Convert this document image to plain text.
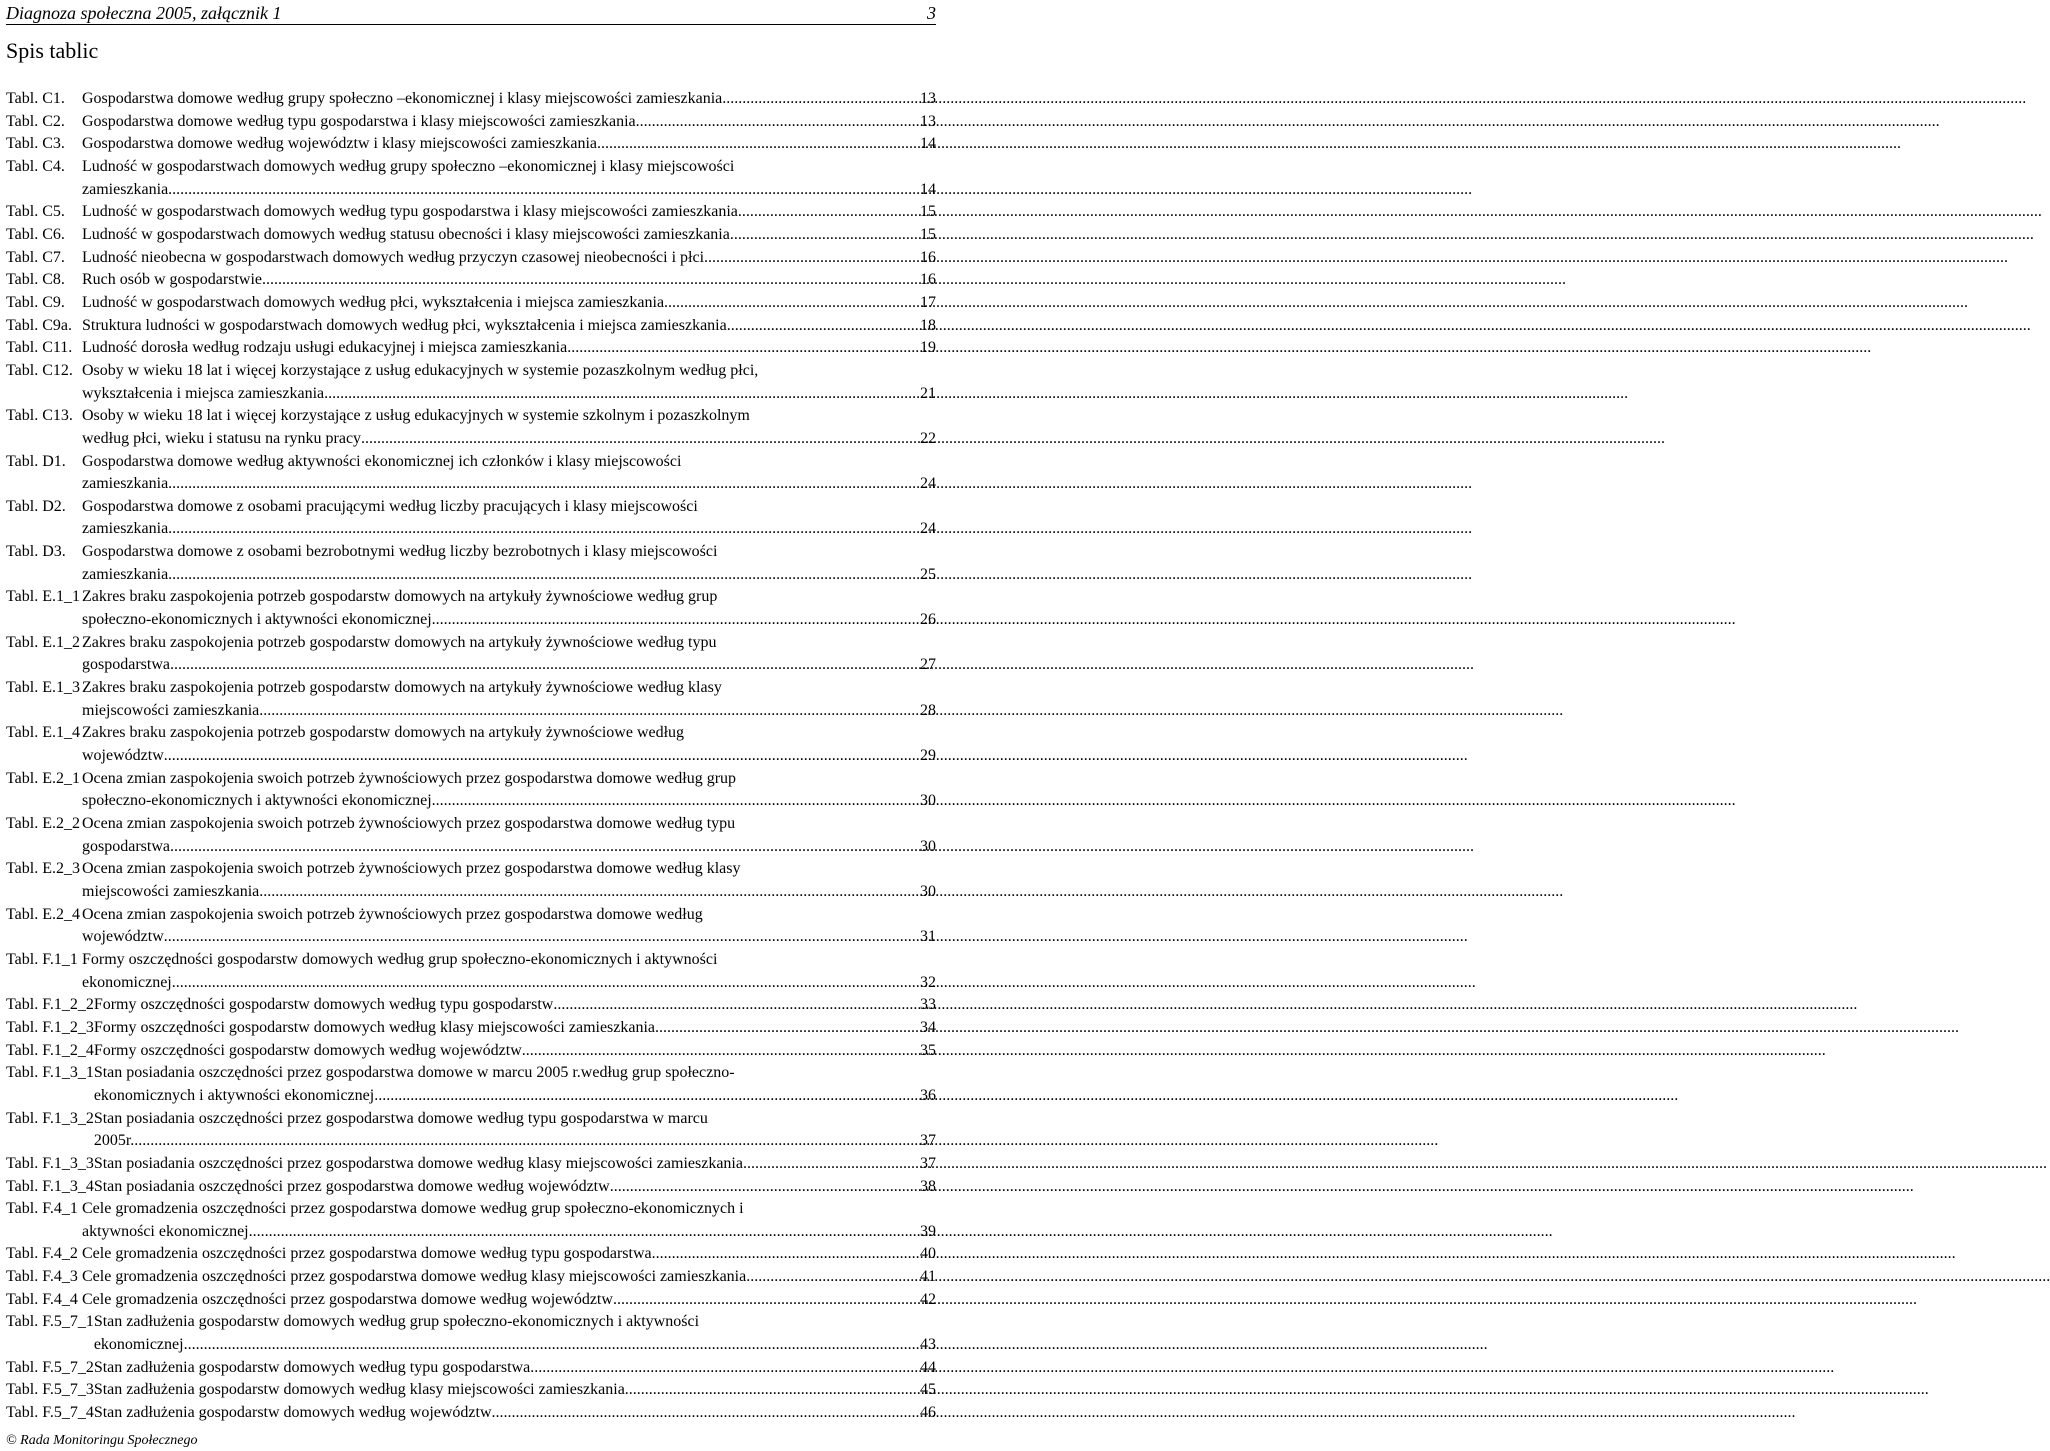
Diagnoza społeczna 2005, załącznik 1	3
Spis tablic
Tabl. C1.	Gospodarstwa domowe według grupy społeczno –ekonomicznej i klasy miejscowości zamieszkania .....	13
Tabl. C2.	Gospodarstwa domowe według typu gospodarstwa i klasy miejscowości zamieszkania .....	13
Tabl. C3.	Gospodarstwa domowe według województw i klasy miejscowości zamieszkania .....	14
Tabl. C4.	Ludność w gospodarstwach domowych według grupy społeczno –ekonomicznej i klasy miejscowości
zamieszkania .....	14
Tabl. C5.	Ludność w gospodarstwach domowych według typu gospodarstwa i klasy miejscowości zamieszkania .....	15
Tabl. C6.	Ludność w gospodarstwach domowych według statusu obecności i klasy miejscowości zamieszkania .....	15
Tabl. C7.	Ludność nieobecna w gospodarstwach domowych według przyczyn czasowej nieobecności i płci .....	16
Tabl. C8.	Ruch osób w gospodarstwie .....	16
Tabl. C9.	Ludność w gospodarstwach domowych według płci, wykształcenia i miejsca zamieszkania .....	17
Tabl. C9a. Struktura ludności w gospodarstwach domowych według płci, wykształcenia i miejsca zamieszkania .....	18
Tabl. C11. Ludność dorosła według rodzaju usługi edukacyjnej i miejsca zamieszkania .....	19
Tabl. C12. Osoby w wieku 18 lat i więcej korzystające z usług edukacyjnych w systemie pozaszkolnym według płci,
wykształcenia i miejsca zamieszkania .....	21
Tabl. C13. Osoby w wieku 18 lat i więcej korzystające z usług edukacyjnych w systemie szkolnym i pozaszkolnym
według płci, wieku i statusu na rynku pracy .....	22
Tabl. D1.	Gospodarstwa domowe według aktywności ekonomicznej ich członków i klasy miejscowości
zamieszkania .....	24
Tabl. D2.	Gospodarstwa domowe z osobami pracującymi według liczby pracujących i klasy miejscowości
zamieszkania .....	24
Tabl. D3.	Gospodarstwa domowe z osobami bezrobotnymi według liczby bezrobotnych i klasy miejscowości
zamieszkania .....	25
Tabl. E.1_1 Zakres braku zaspokojenia potrzeb gospodarstw domowych na artykuły żywnościowe według grup
społeczno-ekonomicznych i aktywności ekonomicznej .....	26
Tabl. E.1_2 Zakres braku zaspokojenia potrzeb gospodarstw domowych na artykuły żywnościowe według typu
gospodarstwa .....	27
Tabl. E.1_3 Zakres braku zaspokojenia potrzeb gospodarstw domowych na artykuły żywnościowe według klasy
miejscowości zamieszkania .....	28
Tabl. E.1_4 Zakres braku zaspokojenia potrzeb gospodarstw domowych na artykuły żywnościowe według
województw .....	29
Tabl. E.2_1 Ocena zmian zaspokojenia swoich potrzeb żywnościowych przez gospodarstwa domowe według grup
społeczno-ekonomicznych i aktywności ekonomicznej .....	30
Tabl. E.2_2 Ocena zmian zaspokojenia swoich potrzeb żywnościowych przez gospodarstwa domowe według typu
gospodarstwa .....	30
Tabl. E.2_3 Ocena zmian zaspokojenia swoich potrzeb żywnościowych przez gospodarstwa domowe według klasy
miejscowości zamieszkania .....	30
Tabl. E.2_4 Ocena zmian zaspokojenia swoich potrzeb żywnościowych przez gospodarstwa domowe według
województw .....	31
Tabl. F.1_1 Formy oszczędności gospodarstw domowych według grup społeczno-ekonomicznych i aktywności
ekonomicznej .....	32
Tabl. F.1_2_2 Formy oszczędności gospodarstw domowych według typu gospodarstw .....	33
Tabl. F.1_2_3 Formy oszczędności gospodarstw domowych według klasy miejscowości zamieszkania .....	34
Tabl. F.1_2_4 Formy oszczędności gospodarstw domowych według województw .....	35
Tabl. F.1_3_1 Stan posiadania oszczędności przez gospodarstwa domowe w marcu 2005 r.według grup społeczno-
ekonomicznych i aktywności ekonomicznej .....	36
Tabl. F.1_3_2 Stan posiadania oszczędności przez gospodarstwa domowe według typu gospodarstwa w marcu
2005r. .....	37
Tabl. F.1_3_3 Stan posiadania oszczędności przez gospodarstwa domowe według klasy miejscowości zamieszkania .....	37
Tabl. F.1_3_4 Stan posiadania oszczędności przez gospodarstwa domowe według województw .....	38
Tabl. F.4_1 Cele gromadzenia oszczędności przez gospodarstwa domowe według grup społeczno-ekonomicznych i
aktywności ekonomicznej .....	39
Tabl. F.4_2 Cele gromadzenia oszczędności przez gospodarstwa domowe według typu gospodarstwa .....	40
Tabl. F.4_3 Cele gromadzenia oszczędności przez gospodarstwa domowe według klasy miejscowości zamieszkania .....	41
Tabl. F.4_4 Cele gromadzenia oszczędności przez gospodarstwa domowe według województw .....	42
Tabl. F.5_7_1 Stan zadłużenia gospodarstw domowych według grup społeczno-ekonomicznych i aktywności
ekonomicznej .....	43
Tabl. F.5_7_2 Stan zadłużenia gospodarstw domowych według typu gospodarstwa .....	44
Tabl. F.5_7_3 Stan zadłużenia gospodarstw domowych według klasy miejscowości zamieszkania .....	45
Tabl. F.5_7_4 Stan zadłużenia gospodarstw domowych według województw .....	46
© Rada Monitoringu Społecznego
